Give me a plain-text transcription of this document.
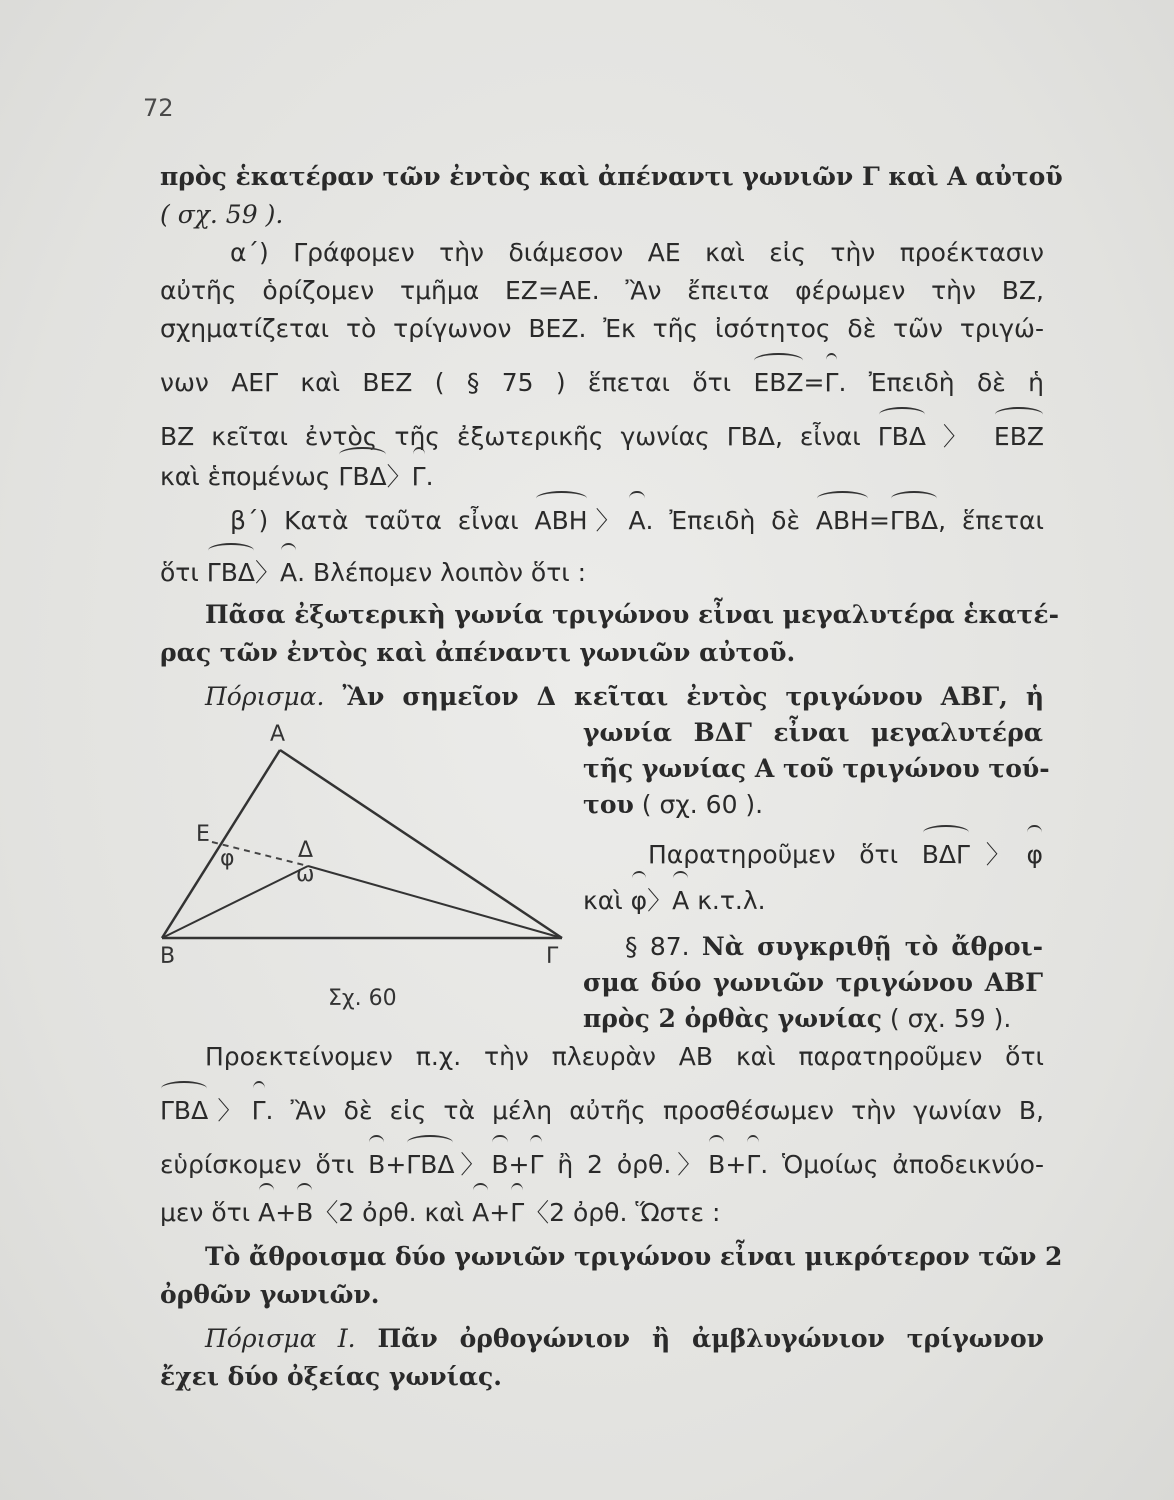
72
πρὸς ἑκατέραν τῶν ἐντὸς καὶ ἀπέναντι γωνιῶν Γ καὶ Α αὐτοῦ
( σχ. 59 ).
α΄) Γράφομεν τὴν διάμεσον ΑΕ καὶ εἰς τὴν προέκτασιν
αὐτῆς ὁρίζομεν τμῆμα ΕΖ=ΑΕ. Ἂν ἔπειτα φέρωμεν τὴν ΒΖ,
σχηματίζεται τὸ τρίγωνον ΒΕΖ. Ἐκ τῆς ἰσότητος δὲ τῶν τριγώ-
νων ΑΕΓ καὶ ΒΕΖ ( § 75 ) ἕπεται ὅτι ΕΒΖ=Γ. Ἐπειδὴ δὲ ἡ
ΒΖ κεῖται ἐντὸς τῆς ἐξωτερικῆς γωνίας ΓΒΔ, εἶναι ΓΒΔ 〉 ΕΒΖ
καὶ ἑπομένως ΓΒΔ〉Γ.
β΄) Κατὰ ταῦτα εἶναι ΑΒΗ〉Α. Ἐπειδὴ δὲ ΑΒΗ=ΓΒΔ, ἕπεται
ὅτι ΓΒΔ〉Α. Βλέπομεν λοιπὸν ὅτι :
Πᾶσα ἐξωτερικὴ γωνία τριγώνου εἶναι μεγαλυτέρα ἑκατέ-
ρας τῶν ἐντὸς καὶ ἀπέναντι γωνιῶν αὐτοῦ.
Πόρισμα. Ἂν σημεῖον Δ κεῖται ἐντὸς τριγώνου ΑΒΓ, ἡ
Α
Ε
φ	Δ
ω
Β	Γ
Σχ. 60
γωνία ΒΔΓ εἶναι μεγαλυτέρα
τῆς γωνίας Α τοῦ τριγώνου τού-
του ( σχ. 60 ).
Παρατηροῦμεν ὅτι ΒΔΓ〉φ
καὶ φ〉Α κ.τ.λ.
§ 87. Νὰ συγκριθῇ τὸ ἄθροι-
σμα δύο γωνιῶν τριγώνου ΑΒΓ
πρὸς 2 ὀρθὰς γωνίας ( σχ. 59 ).
Προεκτείνομεν π.χ. τὴν πλευρὰν ΑΒ καὶ παρατηροῦμεν ὅτι
ΓΒΔ〉Γ. Ἂν δὲ εἰς τὰ μέλη αὐτῆς προσθέσωμεν τὴν γωνίαν Β,
εὑρίσκομεν ὅτι Β+ΓΒΔ〉Β+Γ ἢ 2 ὀρθ.〉Β+Γ. Ὁμοίως ἀποδεικνύο-
μεν ὅτι Α+Β〈2 ὀρθ. καὶ Α+Γ〈2 ὀρθ. Ὥστε :
Τὸ ἄθροισμα δύο γωνιῶν τριγώνου εἶναι μικρότερον τῶν 2
ὀρθῶν γωνιῶν.
Πόρισμα Ι. Πᾶν ὀρθογώνιον ἢ ἀμβλυγώνιον τρίγωνον
ἔχει δύο ὀξείας γωνίας.
